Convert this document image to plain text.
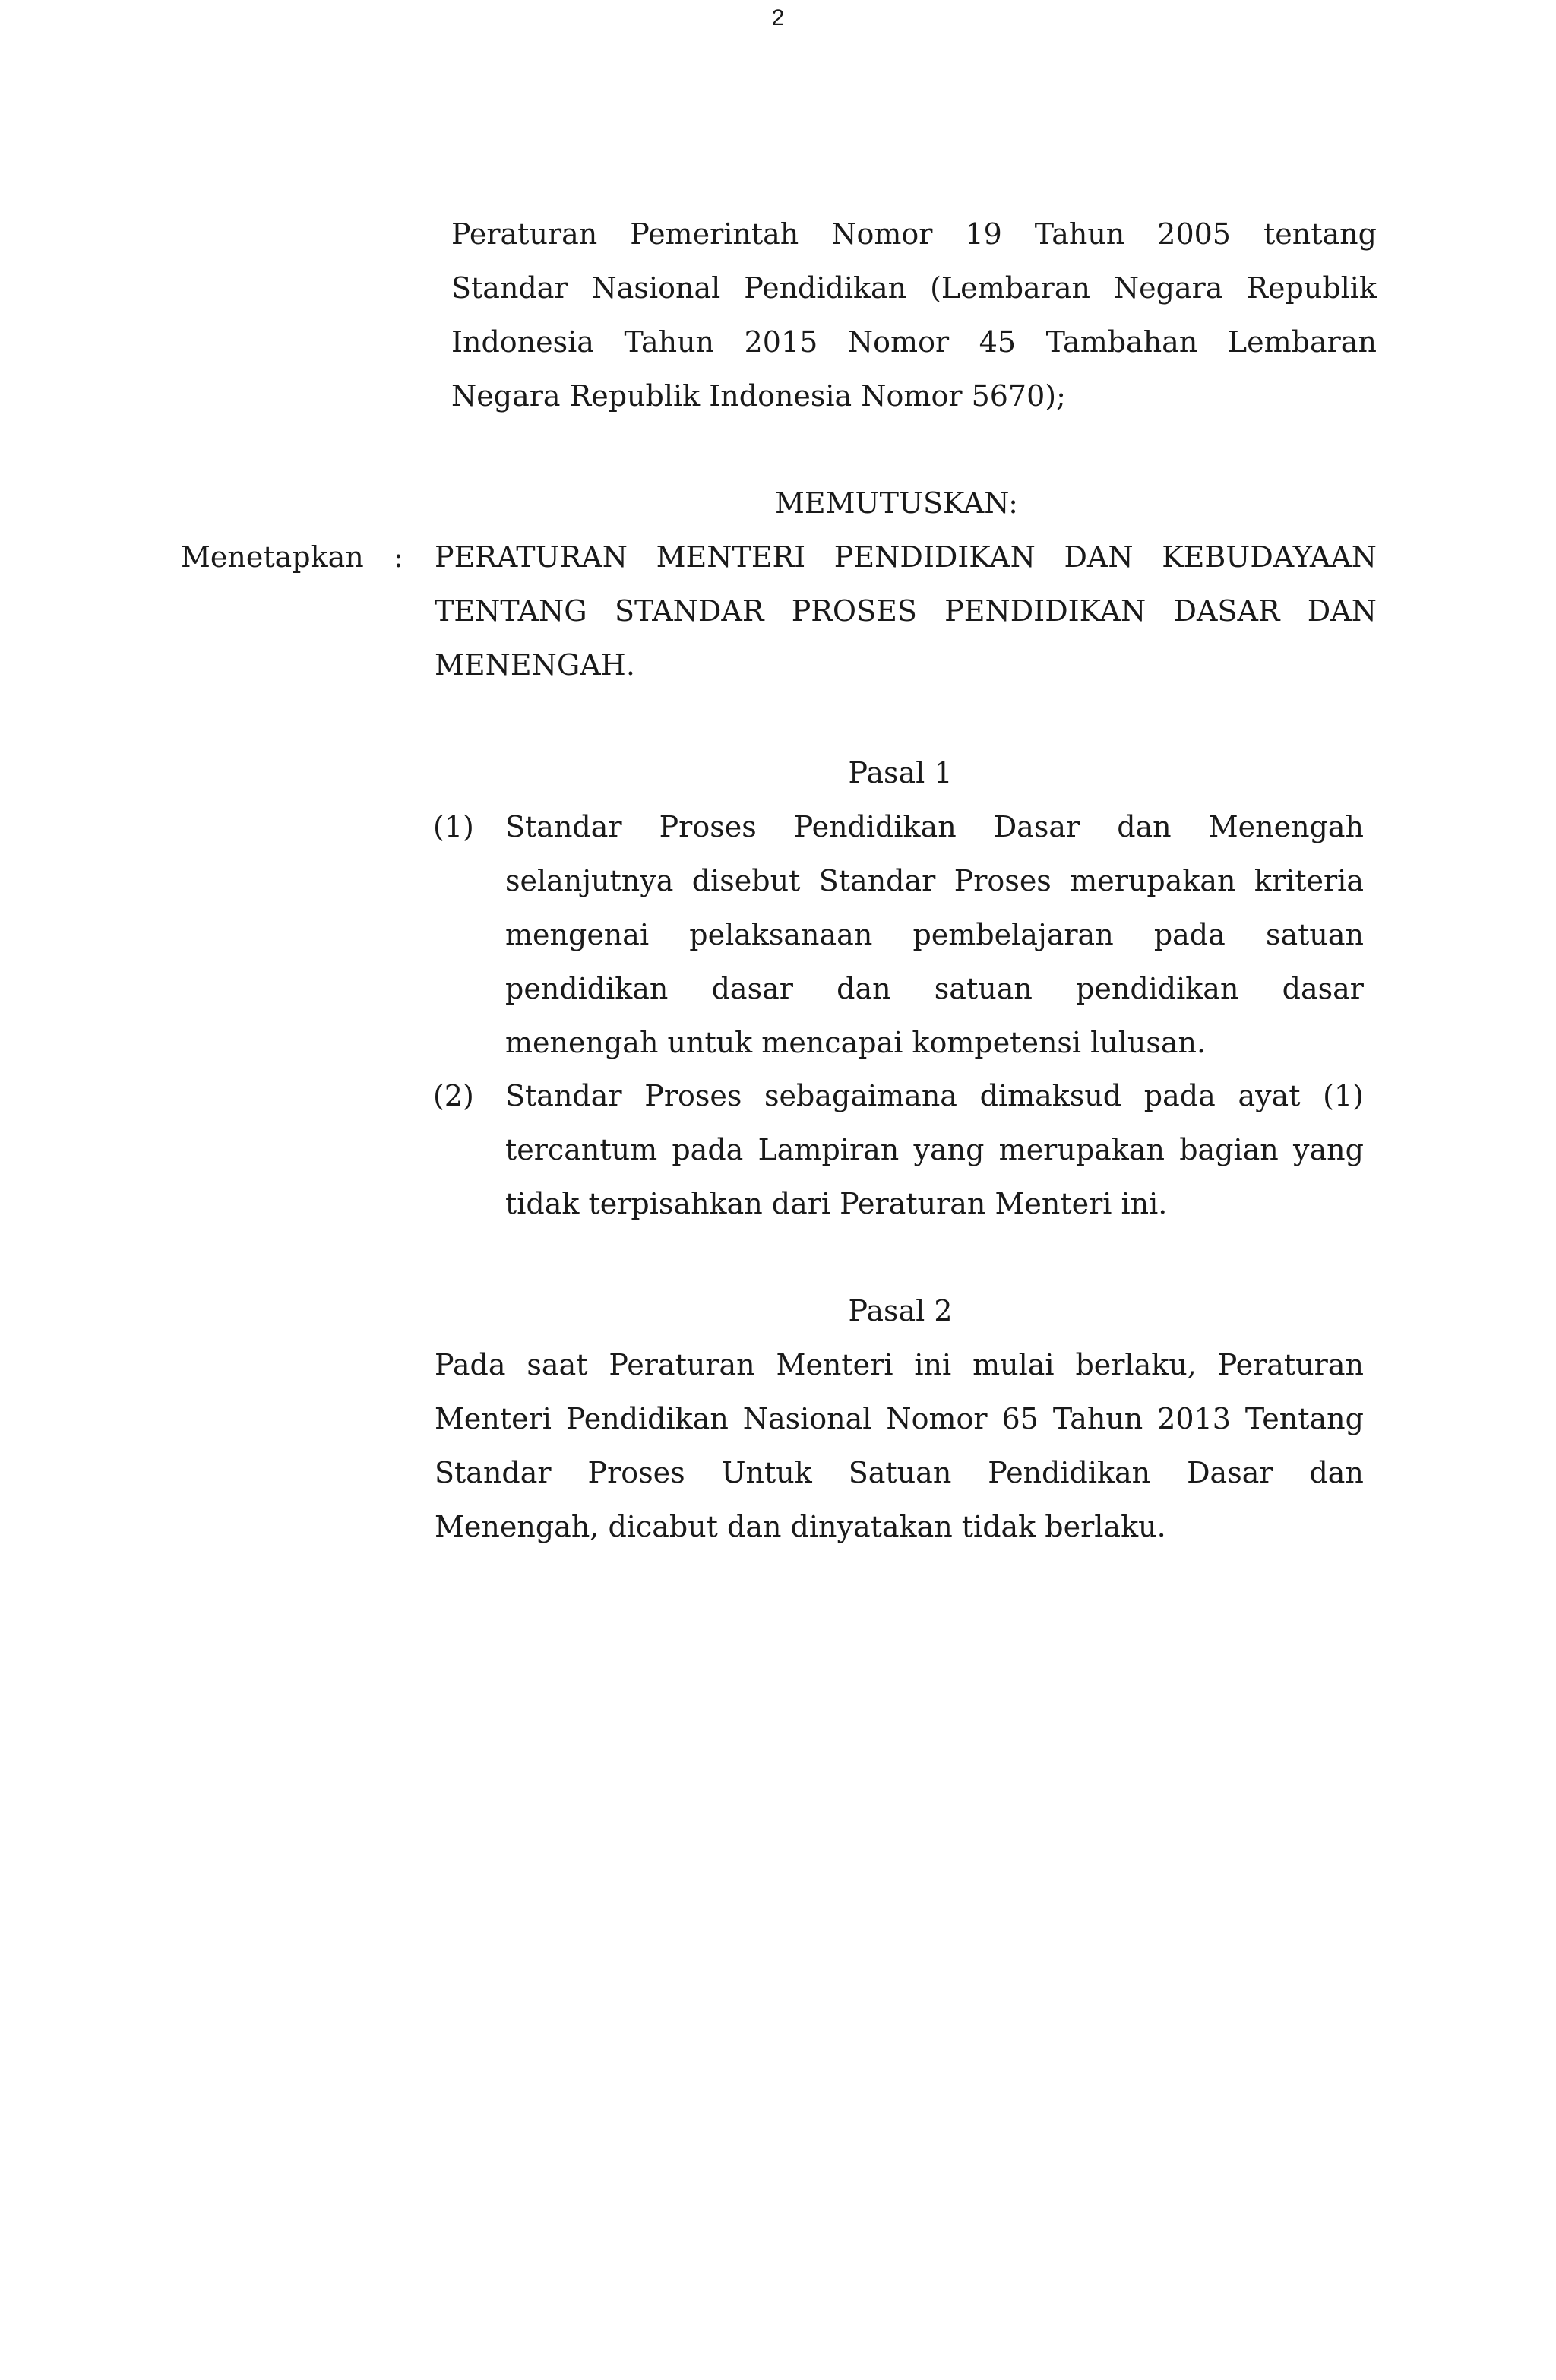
2
Peraturan Pemerintah Nomor 19 Tahun 2005 tentang
Standar Nasional Pendidikan (Lembaran Negara Republik
Indonesia Tahun 2015 Nomor 45 Tambahan Lembaran
Negara Republik Indonesia Nomor 5670);
MEMUTUSKAN:
Menetapkan : PERATURAN MENTERI PENDIDIKAN DAN KEBUDAYAAN
TENTANG STANDAR PROSES PENDIDIKAN DASAR DAN
MENENGAH.
Pasal 1
(1) Standar Proses Pendidikan Dasar dan Menengah
selanjutnya disebut Standar Proses merupakan kriteria
mengenai pelaksanaan pembelajaran pada satuan
pendidikan dasar dan satuan pendidikan dasar
menengah untuk mencapai kompetensi lulusan.
(2) Standar Proses sebagaimana dimaksud pada ayat (1)
tercantum pada Lampiran yang merupakan bagian yang
tidak terpisahkan dari Peraturan Menteri ini.
Pasal 2
Pada saat Peraturan Menteri ini mulai berlaku, Peraturan
Menteri Pendidikan Nasional Nomor 65 Tahun 2013 Tentang
Standar Proses Untuk Satuan Pendidikan Dasar dan
Menengah, dicabut dan dinyatakan tidak berlaku.
